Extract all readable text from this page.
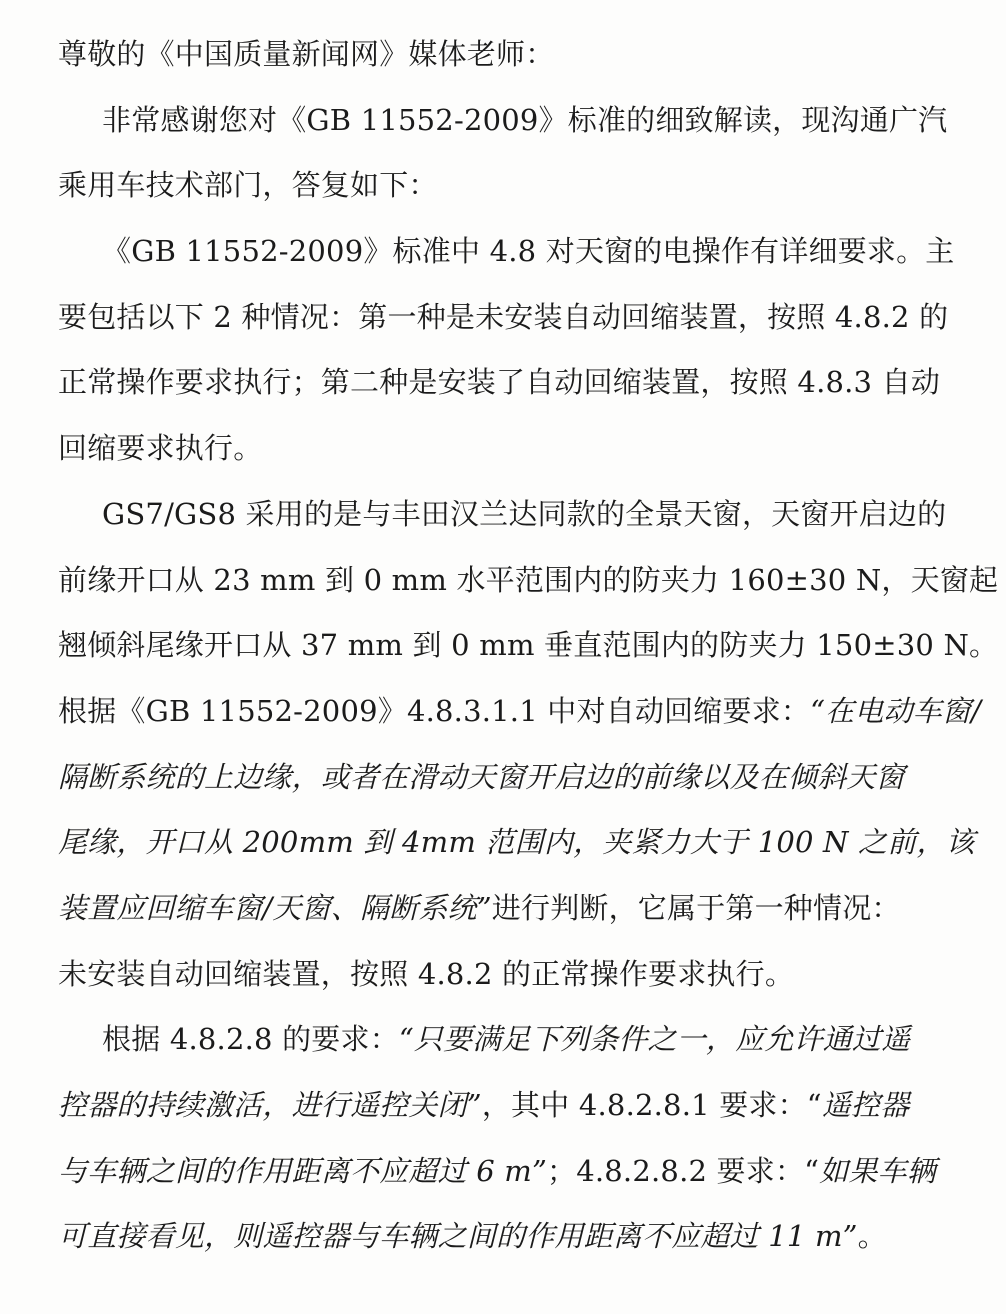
尊敬的《中国质量新闻网》媒体老师：
非常感谢您对《GB 11552-2009》标准的细致解读，现沟通广汽
乘用车技术部门，答复如下：
《GB 11552-2009》标准中 4.8 对天窗的电操作有详细要求。主
要包括以下 2 种情况：第一种是未安装自动回缩装置，按照 4.8.2 的
正常操作要求执行；第二种是安装了自动回缩装置，按照 4.8.3 自动
回缩要求执行。
GS7/GS8 采用的是与丰田汉兰达同款的全景天窗，天窗开启边的
前缘开口从 23 mm 到 0 mm 水平范围内的防夹力 160±30 N，天窗起
翘倾斜尾缘开口从 37 mm 到 0 mm 垂直范围内的防夹力 150±30 N。
根据《GB 11552-2009》4.8.3.1.1 中对自动回缩要求：“在电动车窗/
隔断系统的上边缘，或者在滑动天窗开启边的前缘以及在倾斜天窗
尾缘，开口从 200mm 到 4mm 范围内，夹紧力大于 100 N 之前，该
装置应回缩车窗/天窗、隔断系统”进行判断，它属于第一种情况：
未安装自动回缩装置，按照 4.8.2 的正常操作要求执行。
根据 4.8.2.8 的要求：“只要满足下列条件之一，应允许通过遥
控器的持续激活，进行遥控关闭”，其中 4.8.2.8.1 要求：“遥控器
与车辆之间的作用距离不应超过 6 m”；4.8.2.8.2 要求：“如果车辆
可直接看见，则遥控器与车辆之间的作用距离不应超过 11 m”。
